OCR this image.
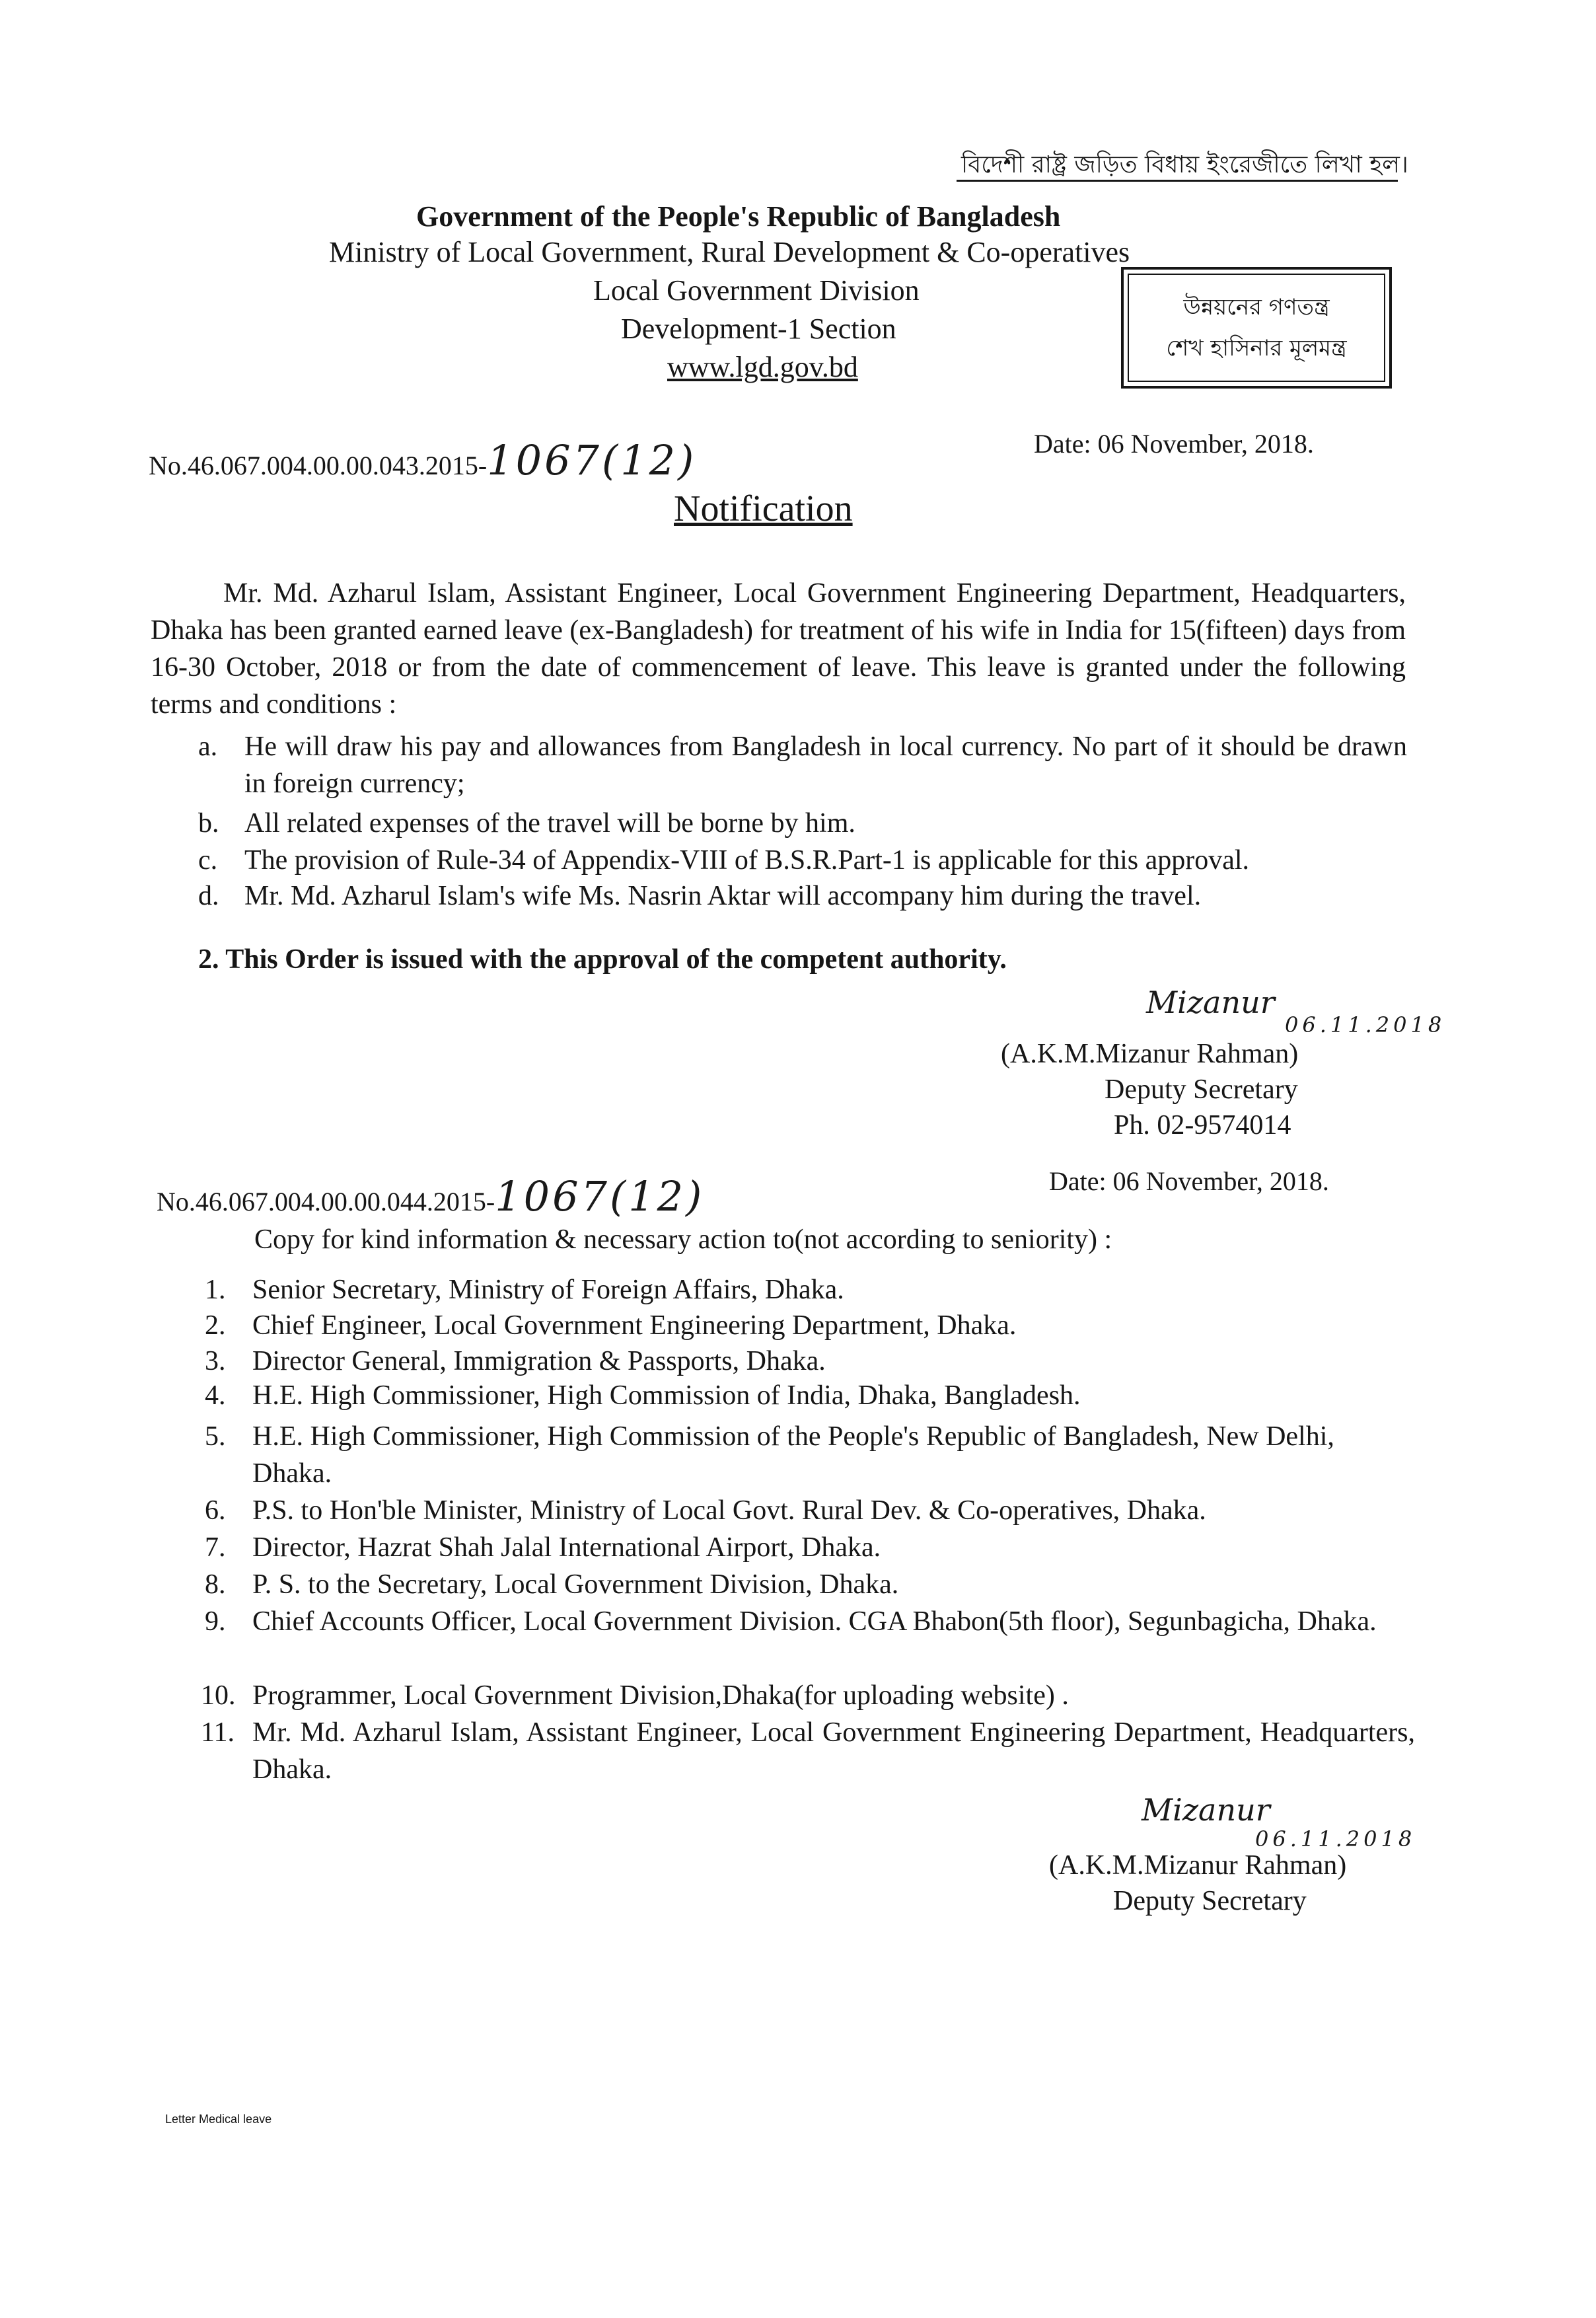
বিদেশী রাষ্ট্র জড়িত বিধায় ইংরেজীতে লিখা হল।
Government of the People's Republic of Bangladesh
Ministry of Local Government, Rural Development & Co-operatives
Local Government Division
Development-1 Section
www.lgd.gov.bd
উন্নয়নের গণতন্ত্র
শেখ হাসিনার মূলমন্ত্র
No.46.067.004.00.00.043.2015-1067(12)	Date: 06 November, 2018.
Notification

Mr. Md. Azharul Islam, Assistant Engineer, Local Government Engineering Department, Headquarters, Dhaka has been granted earned leave (ex-Bangladesh) for treatment of his wife in India for 15(fifteen) days from 16-30 October, 2018 or from the date of commencement of leave. This leave is granted under the following terms and conditions :

a. He will draw his pay and allowances from Bangladesh in local currency. No part of it should be drawn in foreign currency;
b. All related expenses of the travel will be borne by him.
c. The provision of Rule-34 of Appendix-VIII of B.S.R.Part-1 is applicable for this approval.
d. Mr. Md. Azharul Islam's wife Ms. Nasrin Aktar will accompany him during the travel.
2. This Order is issued with the approval of the competent authority.
Mizanur
06.11.2018
(A.K.M.Mizanur Rahman)
Deputy Secretary
Ph. 02-9574014
No.46.067.004.00.00.044.2015-1067(12)	Date: 06 November, 2018.
Copy for kind information & necessary action to(not according to seniority) :
1. Senior Secretary, Ministry of Foreign Affairs, Dhaka.
2. Chief Engineer, Local Government Engineering Department, Dhaka.
3. Director General, Immigration & Passports, Dhaka.
4. H.E. High Commissioner, High Commission of India, Dhaka, Bangladesh.
5. H.E. High Commissioner, High Commission of the People's Republic of Bangladesh, New Delhi, Dhaka.
6. P.S. to Hon'ble Minister, Ministry of Local Govt. Rural Dev. & Co-operatives, Dhaka.
7. Director, Hazrat Shah Jalal International Airport, Dhaka.
8. P. S. to the Secretary, Local Government Division, Dhaka.
9. Chief Accounts Officer, Local Government Division. CGA Bhabon(5th floor), Segunbagicha, Dhaka.
10. Programmer, Local Government Division,Dhaka(for uploading website) .
11. Mr. Md. Azharul Islam, Assistant Engineer, Local Government Engineering Department, Headquarters, Dhaka.
Mizanur
06.11.2018
(A.K.M.Mizanur Rahman)
Deputy Secretary
Letter Medical leave
